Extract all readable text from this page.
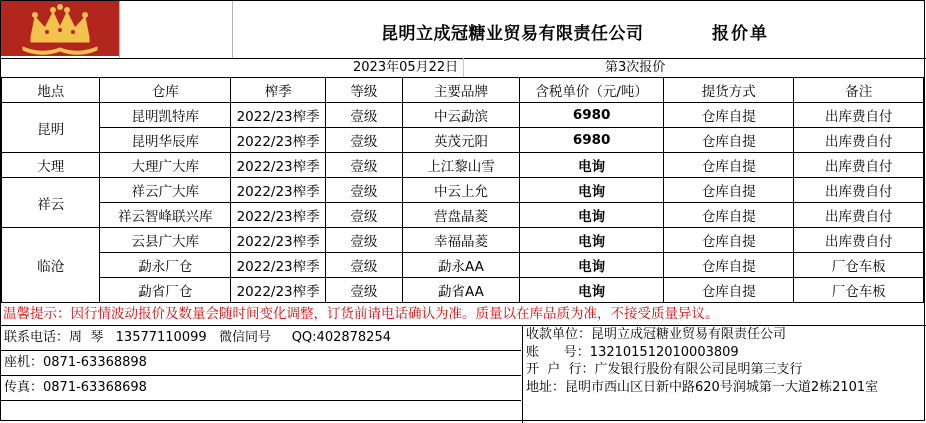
昆明立成冠糖业贸易有限责任公司	报价单
2023年05月22日	第3次报价
地点	仓库	榨季	等级	主要品牌	含税单价（元/吨）	提货方式	备注
昆明	昆明凯特库	2022/23榨季	壹级	中云勐滨	6980	仓库自提	出库费自付
	昆明华辰库	2022/23榨季	壹级	英茂元阳	6980	仓库自提	出库费自付
大理	大理广大库	2022/23榨季	壹级	上江黎山雪	电询	仓库自提	出库费自付
祥云	祥云广大库	2022/23榨季	壹级	中云上允	电询	仓库自提	出库费自付
	祥云智峰联兴库	2022/23榨季	壹级	营盘晶菱	电询	仓库自提	出库费自付
临沧	云县广大库	2022/23榨季	壹级	幸福晶菱	电询	仓库自提	出库费自付
	勐永厂仓	2022/23榨季	壹级	勐永AA	电询	仓库自提	厂仓车板
	勐省厂仓	2022/23榨季	壹级	勐省AA	电询	仓库自提	厂仓车板
温馨提示：因行情波动报价及数量会随时间变化调整，订货前请电话确认为准。质量以在库品质为准，不接受质量异议。
联系电话：周  琴   13577110099   微信同号     QQ:402878254
座机：0871-63368898
传真：0871-63368698
收款单位：昆明立成冠糖业贸易有限责任公司
账      号：132101512010003809
开  户  行：广发银行股份有限公司昆明第三支行
地址：昆明市西山区日新中路620号润城第一大道2栋2101室
